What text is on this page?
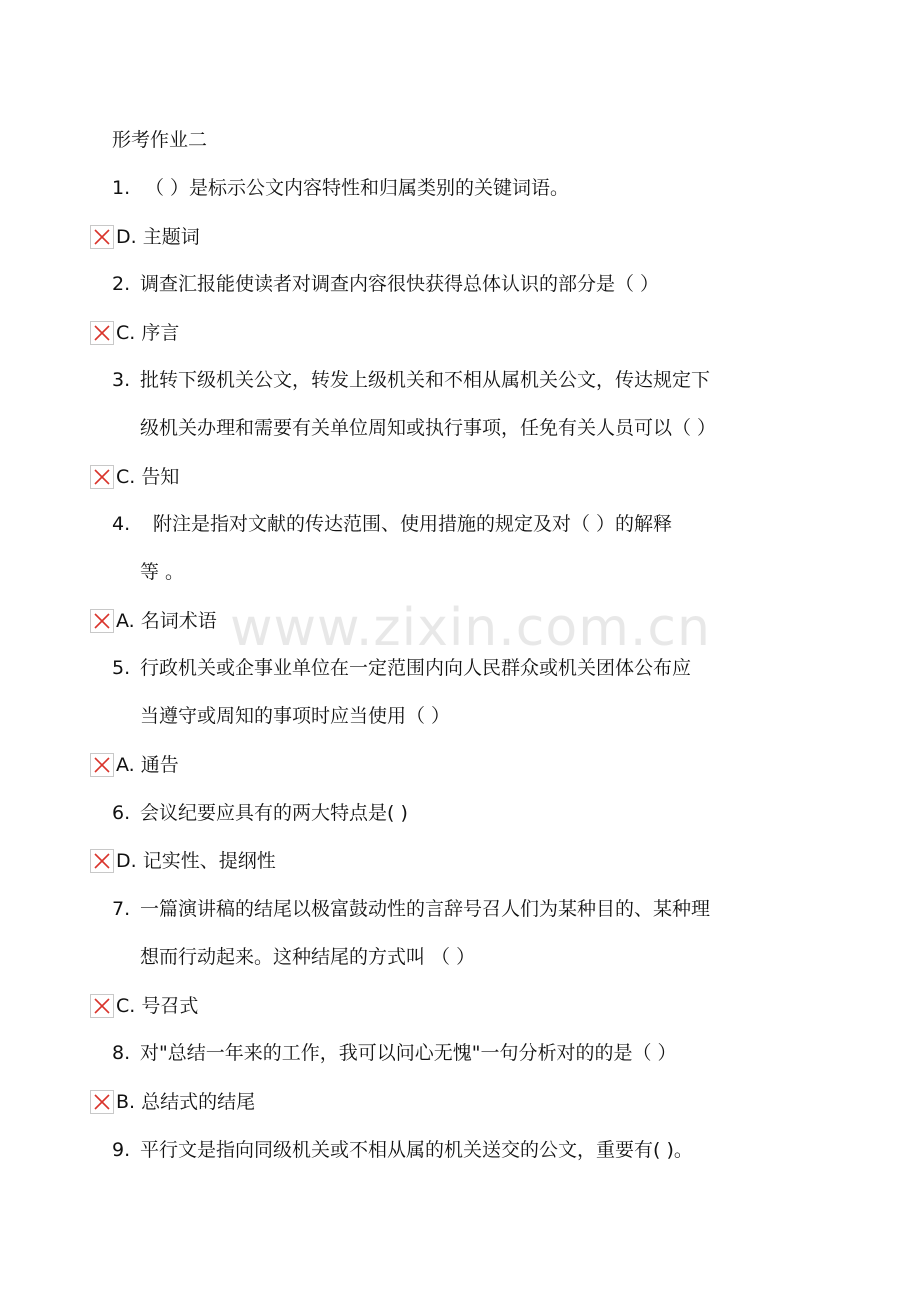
形考作业二
1. （ ）是标示公文内容特性和归属类别的关键词语。
D. 主题词
2. 调查汇报能使读者对调查内容很快获得总体认识的部分是（ ）
C. 序言
3. 批转下级机关公文，转发上级机关和不相从属机关公文，传达规定下
级机关办理和需要有关单位周知或执行事项，任免有关人员可以（ ）
C. 告知
4. 附注是指对文献的传达范围、使用措施的规定及对（ ）的解释
等 。
A. 名词术语
5. 行政机关或企事业单位在一定范围内向人民群众或机关团体公布应
当遵守或周知的事项时应当使用（ ）
A. 通告
6. 会议纪要应具有的两大特点是( )
D. 记实性、提纲性
7. 一篇演讲稿的结尾以极富鼓动性的言辞号召人们为某种目的、某种理
想而行动起来。这种结尾的方式叫 （ ）
C. 号召式
8. 对"总结一年来的工作，我可以问心无愧"一句分析对的的是（ ）
B. 总结式的结尾
9. 平行文是指向同级机关或不相从属的机关送交的公文，重要有( )。
www.zixin.com.cn
